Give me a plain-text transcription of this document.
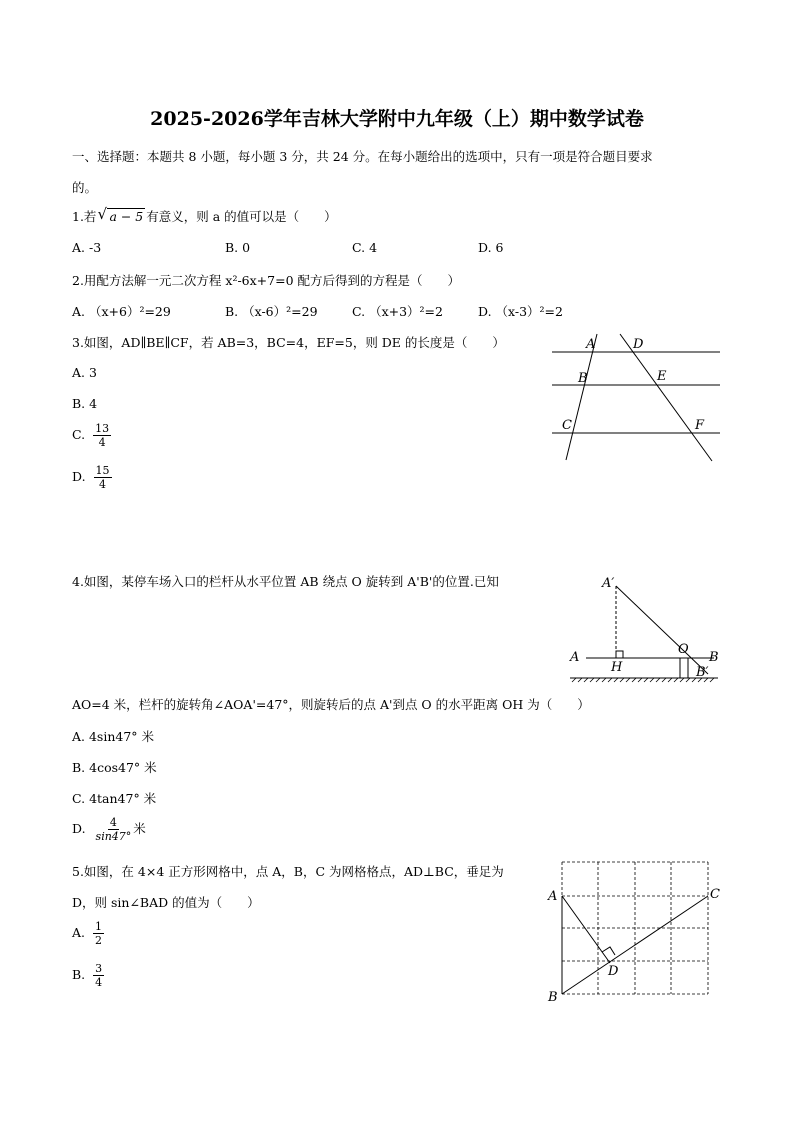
2025-2026学年吉林大学附中九年级（上）期中数学试卷
一、选择题：本题共 8 小题，每小题 3 分，共 24 分。在每小题给出的选项中，只有一项是符合题目要求
的。
1.若 √ a − 5 有意义，则 a 的值可以是（　　）
A. -3	B. 0	C. 4	D. 6
2.用配方法解一元二次方程 x²-6x+7=0 配方后得到的方程是（　　）
A. （x+6）²=29	B. （x-6）²=29	C. （x+3）²=2	D. （x-3）²=2
3.如图，AD∥BE∥CF，若 AB=3，BC=4，EF=5，则 DE 的长度是（　　）
A. 3
B. 4
C. $\frac{13}{4}$
D. $\frac{15}{4}$
A	D
B	E
C	F
4.如图，某停车场入口的栏杆从水平位置 AB 绕点 O 旋转到 A'B'的位置.已知	A′
A
H
O
B
B′
AO=4 米，栏杆的旋转角∠AOA'=47°，则旋转后的点 A'到点 O 的水平距离 OH 为（　　）
A. 4sin47° 米
B. 4cos47° 米
C. 4tan47° 米
D. $\frac{4}{\sin 47^\circ}$ 米
5.如图，在 4×4 正方形网格中，点 A，B，C 为网格格点，AD⊥BC，垂足为
D，则 sin∠BAD 的值为（　　）
A. $\frac{1}{2}$
B. $\frac{3}{4}$
A
B
C
D
